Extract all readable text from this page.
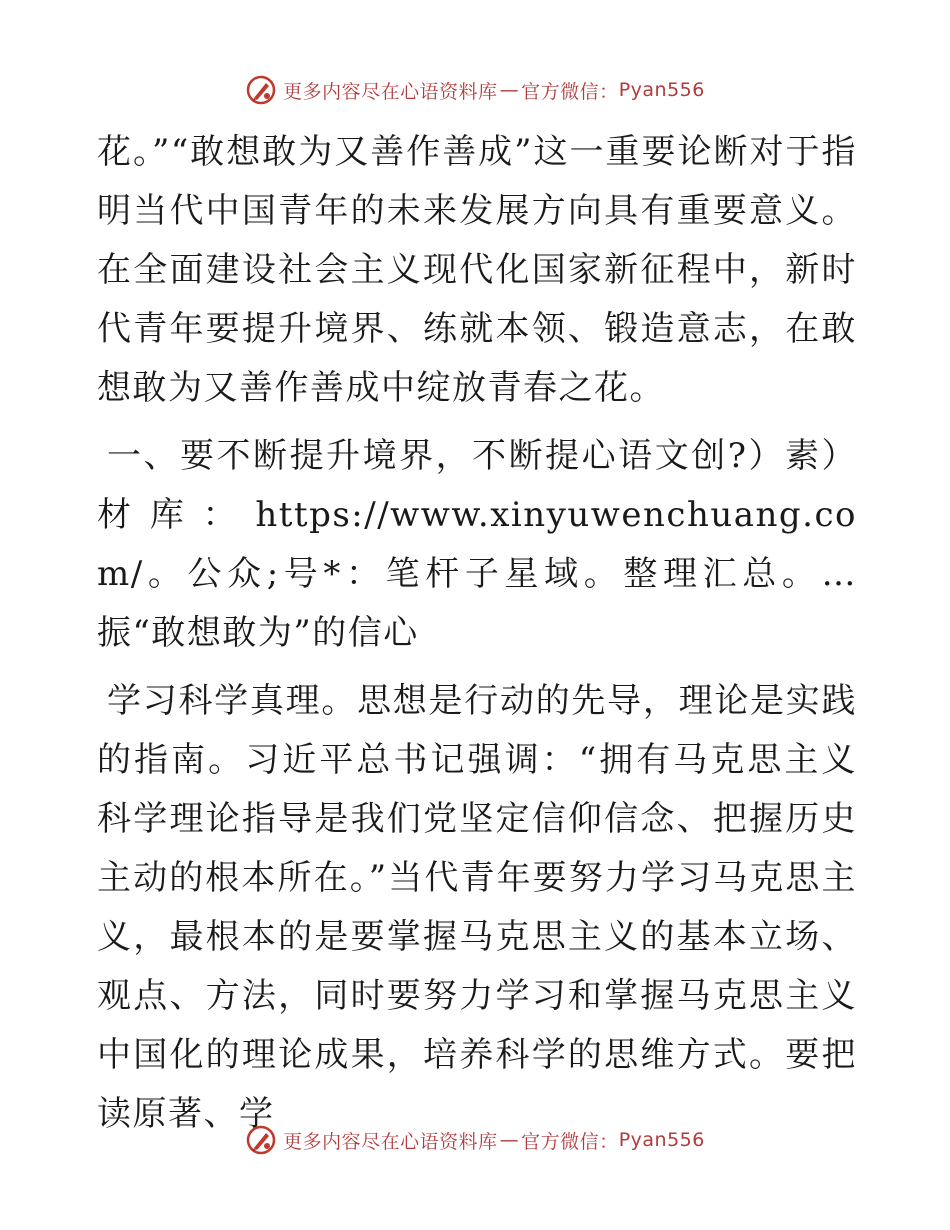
更多内容尽在心语资料库 — 官方微信： Pyan556

花。”“敢想敢为又善作善成”这一重要论断对于指明当代中国青年的未来发展方向具有重要意义。在全面建设社会主义现代化国家新征程中，新时代青年要提升境界、练就本领、锻造意志，在敢想敢为又善作善成中绽放青春之花。

一、要不断提升境界，不断提心语文创?）素）材库：https://www.xinyuwenchuang.com/。公众;号*：笔杆子星域。整理汇总。…振“敢想敢为”的信心

学习科学真理。思想是行动的先导，理论是实践的指南。习近平总书记强调：“拥有马克思主义科学理论指导是我们党坚定信仰信念、把握历史主动的根本所在。”当代青年要努力学习马克思主义，最根本的是要掌握马克思主义的基本立场、观点、方法，同时要努力学习和掌握马克思主义中国化的理论成果，培养科学的思维方式。要把读原著、学

更多内容尽在心语资料库 — 官方微信： Pyan556
